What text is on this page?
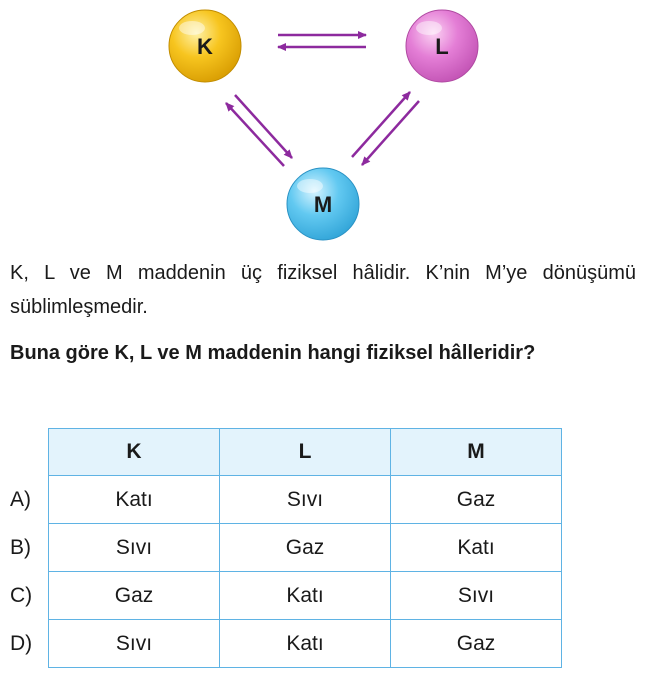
K	L
M
K, L ve M maddenin üç fiziksel hâlidir. K’nin M’ye dönüşümü süblimleşmedir.
Buna göre K, L ve M maddenin hangi fiziksel hâlleridir?
A)
B)
C)
D)
K	L	M
Katı	Sıvı	Gaz
Sıvı	Gaz	Katı
Gaz	Katı	Sıvı
Sıvı	Katı	Gaz
